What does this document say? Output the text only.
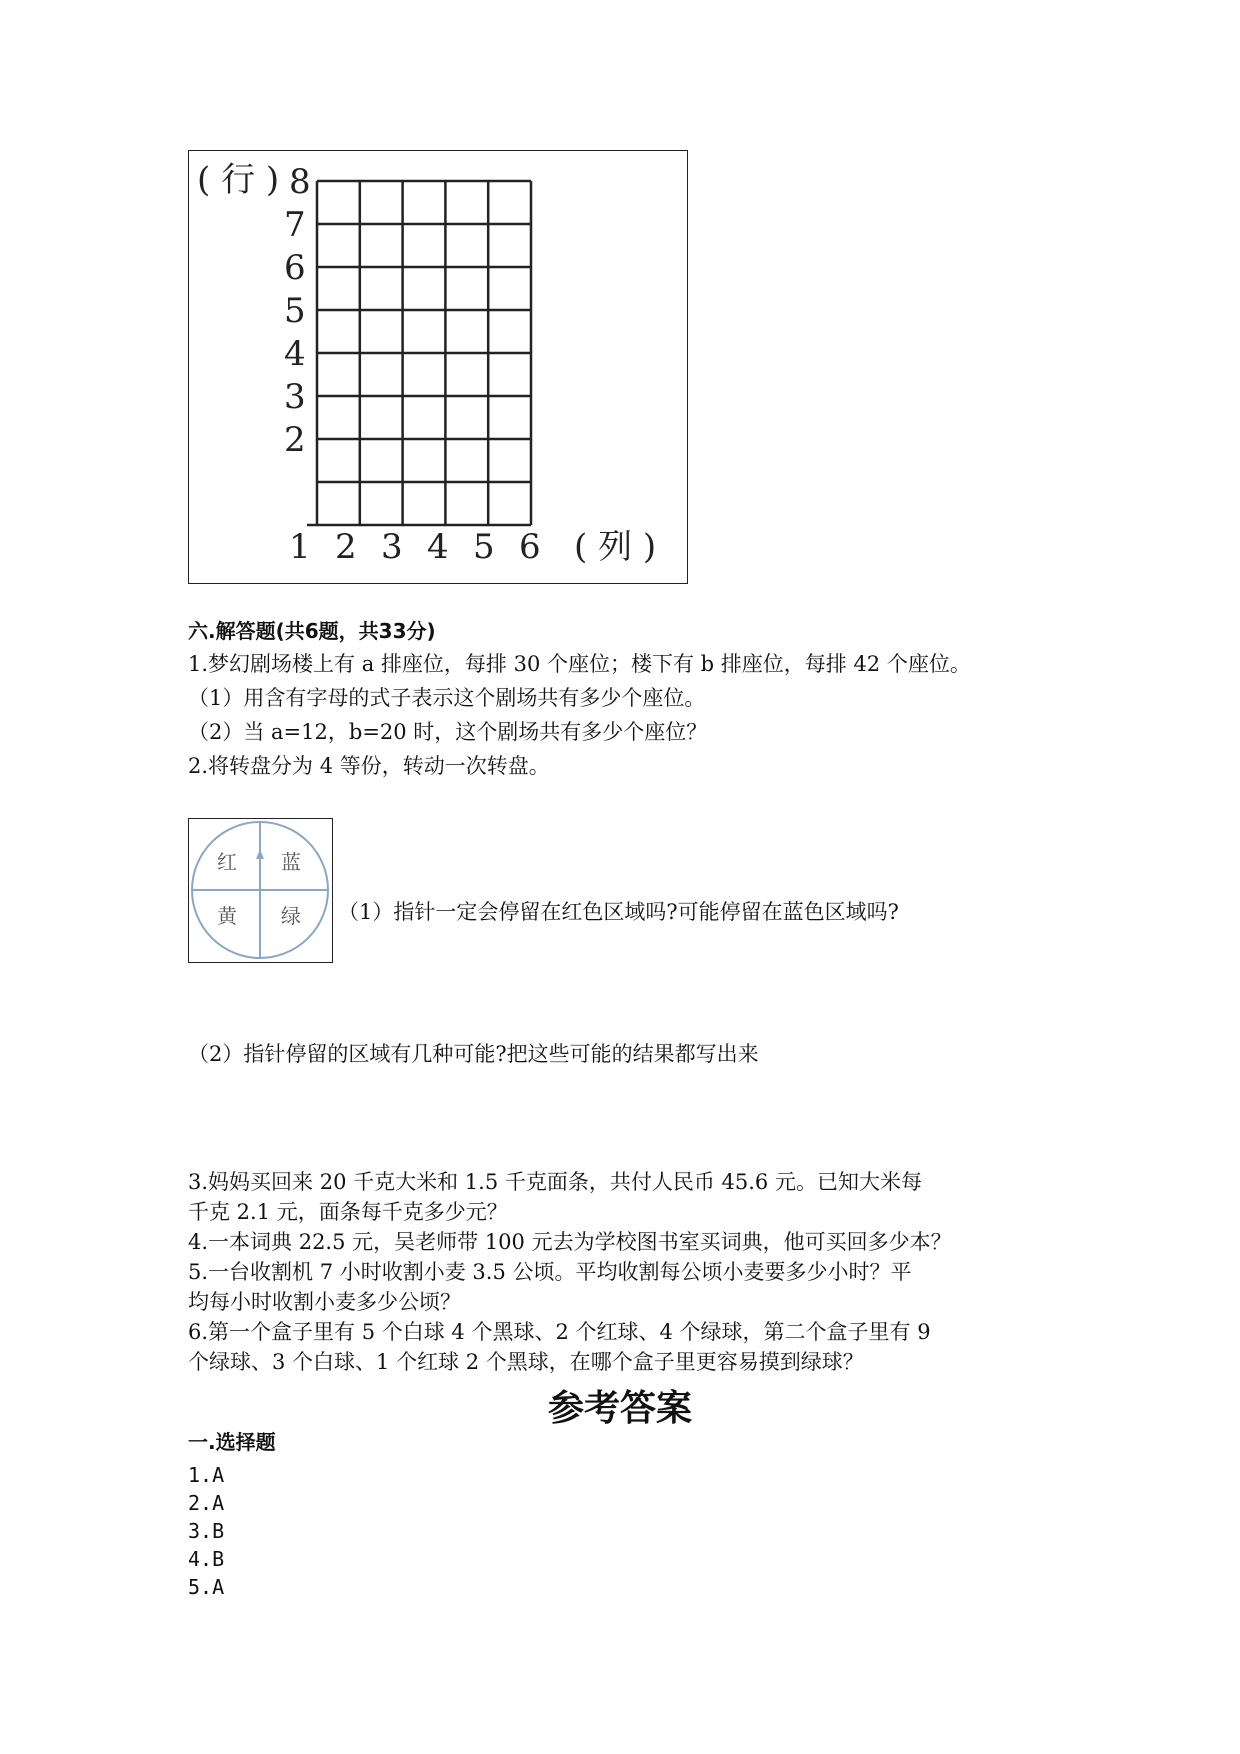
( 行 ) 8
7
6
5
4
3
2
1 2 3 4 5 6 ( 列 )
六.解答题(共6题，共33分)
1.梦幻剧场楼上有 a 排座位，每排 30 个座位；楼下有 b 排座位，每排 42 个座位。
（1）用含有字母的式子表示这个剧场共有多少个座位。
（2）当 a=12，b=20 时，这个剧场共有多少个座位？
2.将转盘分为 4 等份，转动一次转盘。
红 蓝
黄 绿 （1）指针一定会停留在红色区域吗?可能停留在蓝色区域吗?
（2）指针停留的区域有几种可能?把这些可能的结果都写出来
3.妈妈买回来 20 千克大米和 1.5 千克面条，共付人民币 45.6 元。已知大米每
千克 2.1 元，面条每千克多少元？
4.一本词典 22.5 元，吴老师带 100 元去为学校图书室买词典，他可买回多少本？
5.一台收割机 7 小时收割小麦 3.5 公顷。平均收割每公顷小麦要多少小时？平
均每小时收割小麦多少公顷？
6.第一个盒子里有 5 个白球 4 个黑球、2 个红球、4 个绿球，第二个盒子里有 9
个绿球、3 个白球、1 个红球 2 个黑球，在哪个盒子里更容易摸到绿球？
参考答案
一.选择题
1.A
2.A
3.B
4.B
5.A
